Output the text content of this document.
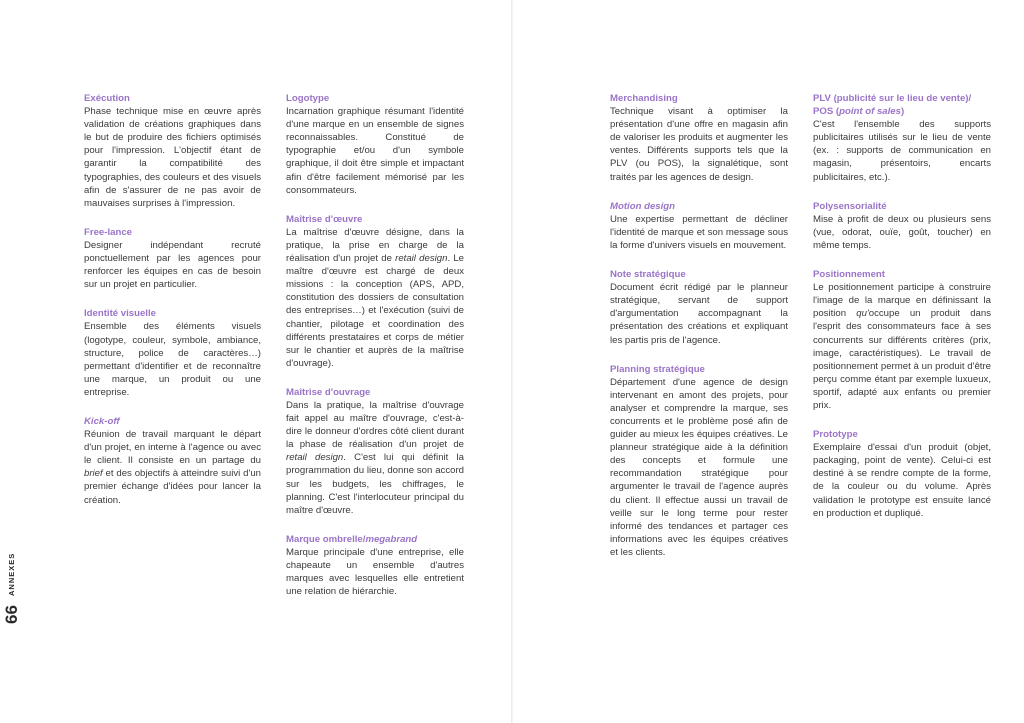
Exécution
Phase technique mise en œuvre après validation de créations graphiques dans le but de produire des fichiers optimisés pour l'impression. L'objectif étant de garantir la compatibilité des typographies, des couleurs et des visuels afin de s'assurer de ne pas avoir de mauvaises surprises à l'impression.
Free-lance
Designer indépendant recruté ponctuellement par les agences pour renforcer les équipes en cas de besoin sur un projet en particulier.
Identité visuelle
Ensemble des éléments visuels (logotype, couleur, symbole, ambiance, structure, police de caractères…) permettant d'identifier et de reconnaître une marque, un produit ou une entreprise.
Kick-off
Réunion de travail marquant le départ d'un projet, en interne à l'agence ou avec le client. Il consiste en un partage du brief et des objectifs à atteindre suivi d'un premier échange d'idées pour lancer la création.
Logotype
Incarnation graphique résumant l'identité d'une marque en un ensemble de signes reconnaissables. Constitué de typographie et/ou d'un symbole graphique, il doit être simple et impactant afin d'être facilement mémorisé par les consommateurs.
Maîtrise d'œuvre
La maîtrise d'œuvre désigne, dans la pratique, la prise en charge de la réalisation d'un projet de retail design. Le maître d'œuvre est chargé de deux missions : la conception (APS, APD, constitution des dossiers de consultation des entreprises…) et l'exécution (suivi de chantier, pilotage et coordination des différents prestataires et corps de métier sur le chantier et auprès de la maîtrise d'ouvrage).
Maîtrise d'ouvrage
Dans la pratique, la maîtrise d'ouvrage fait appel au maître d'ouvrage, c'est-à-dire le donneur d'ordres côté client durant la phase de réalisation d'un projet de retail design. C'est lui qui définit la programmation du lieu, donne son accord sur les budgets, les chiffrages, le planning. C'est l'interlocuteur principal du maître d'œuvre.
Marque ombrelle/megabrand
Marque principale d'une entreprise, elle chapeaute un ensemble d'autres marques avec lesquelles elle entretient une relation de hiérarchie.
Merchandising
Technique visant à optimiser la présentation d'une offre en magasin afin de valoriser les produits et augmenter les ventes. Différents supports tels que la PLV (ou POS), la signalétique, sont traités par les agences de design.
Motion design
Une expertise permettant de décliner l'identité de marque et son message sous la forme d'univers visuels en mouvement.
Note stratégique
Document écrit rédigé par le planneur stratégique, servant de support d'argumentation accompagnant la présentation des créations et expliquant les partis pris de l'agence.
Planning stratégique
Département d'une agence de design intervenant en amont des projets, pour analyser et comprendre la marque, ses concurrents et le problème posé afin de guider au mieux les équipes créatives. Le planneur stratégique aide à la définition des concepts et formule une recommandation stratégique pour argumenter le travail de l'agence auprès du client. Il effectue aussi un travail de veille sur le long terme pour rester informé des tendances et partager ces informations avec les équipes créatives et les clients.
PLV (publicité sur le lieu de vente)/ POS (point of sales)
C'est l'ensemble des supports publicitaires utilisés sur le lieu de vente (ex. : supports de communication en magasin, présentoirs, encarts publicitaires, etc.).
Polysensorialité
Mise à profit de deux ou plusieurs sens (vue, odorat, ouïe, goût, toucher) en même temps.
Positionnement
Le positionnement participe à construire l'image de la marque en définissant la position qu'occupe un produit dans l'esprit des consommateurs face à ses concurrents sur différents critères (prix, image, caractéristiques). Le travail de positionnement permet à un produit d'être perçu comme étant par exemple luxueux, sportif, adapté aux enfants ou premier prix.
Prototype
Exemplaire d'essai d'un produit (objet, packaging, point de vente). Celui-ci est destiné à se rendre compte de la forme, de la couleur ou du volume. Après validation le prototype est ensuite lancé en production et dupliqué.
ANNEXES
66
